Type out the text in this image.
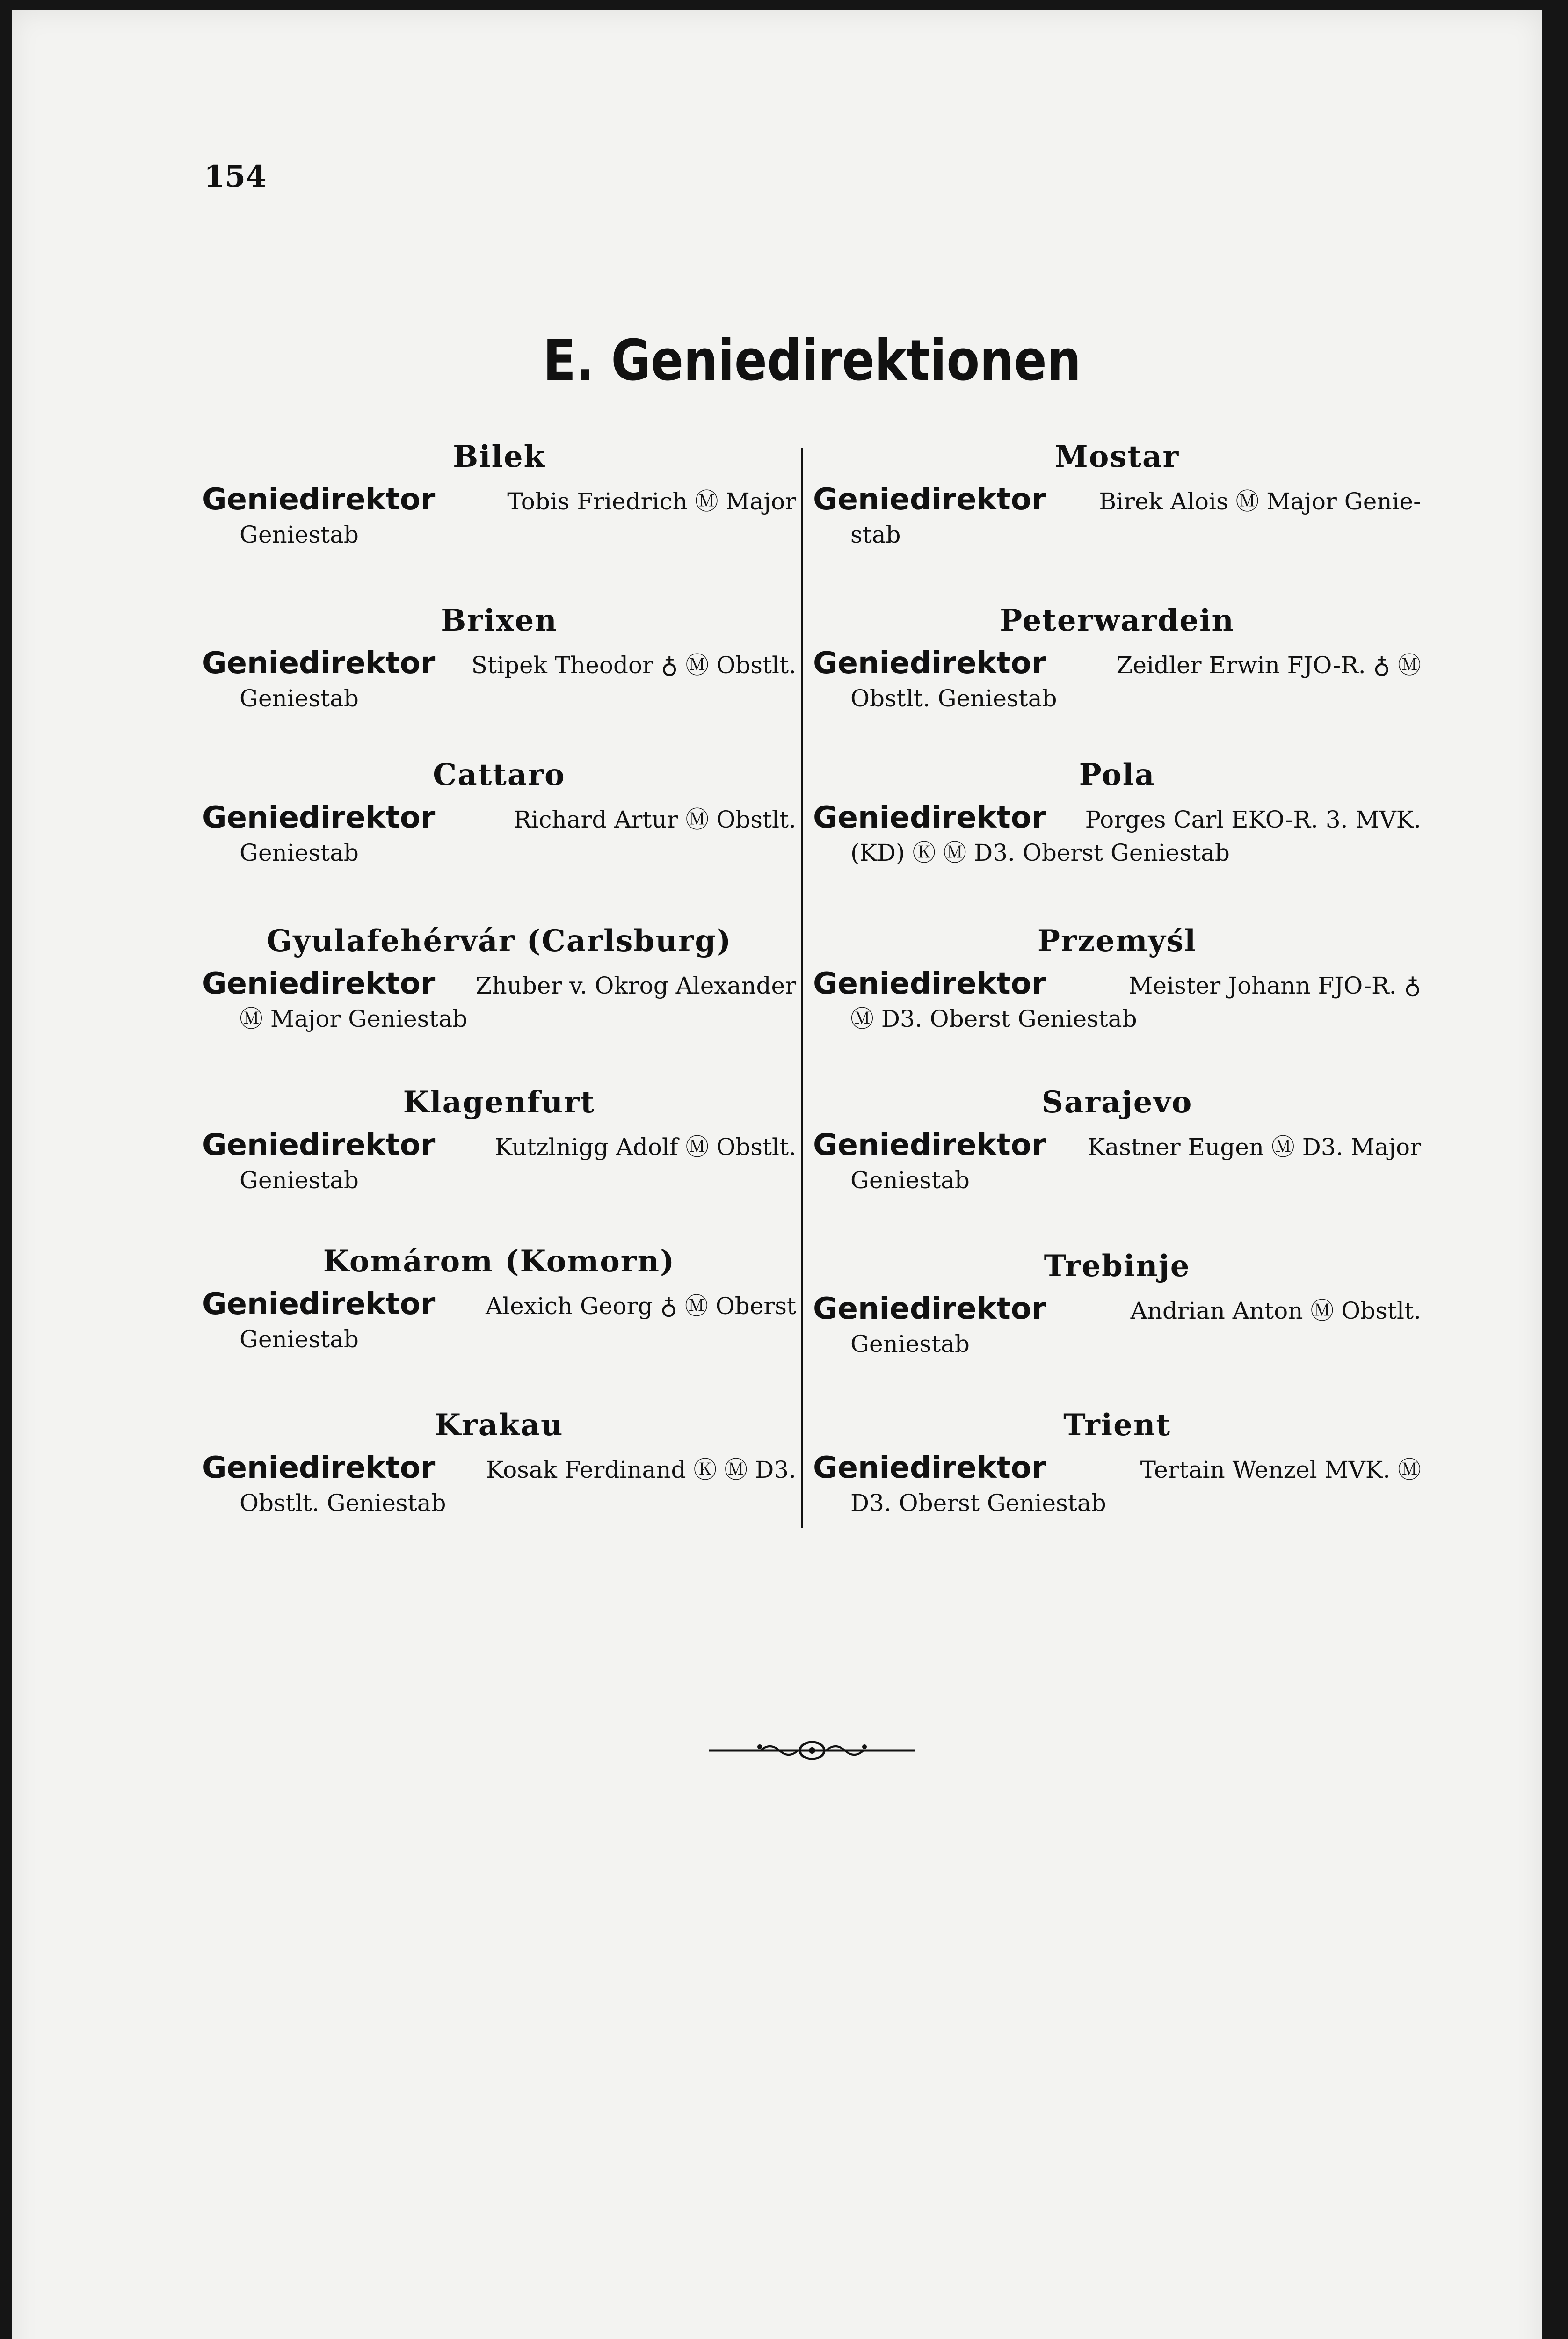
154
E. Geniedirektionen
Bilek
Geniedirektor	Tobis Friedrich Ⓜ Major
Geniestab
Brixen
Geniedirektor Stipek Theodor ♁ Ⓜ Obstlt.
Geniestab
Cattaro
Geniedirektor	Richard Artur Ⓜ Obstlt.
Geniestab
Gyulafehérvár (Carlsburg)
Geniedirektor Zhuber v. Okrog Alexander
Ⓜ Major Geniestab
Klagenfurt
Geniedirektor	Kutzlnigg Adolf Ⓜ Obstlt.
Geniestab
Komárom (Komorn)
Geniedirektor Alexich Georg ♁ Ⓜ Oberst
Geniestab
Krakau
Geniedirektor Kosak Ferdinand Ⓚ Ⓜ D3.
Obstlt. Geniestab
Mostar
Geniedirektor Birek Alois Ⓜ Major Genie-
stab
Peterwardein
Geniedirektor	Zeidler Erwin FJO-R. ♁ Ⓜ
Obstlt. Geniestab
Pola
Geniedirektor Porges Carl EKO-R. 3. MVK.
(KD) Ⓚ Ⓜ D3. Oberst Geniestab
Przemyśl
Geniedirektor	Meister Johann FJO-R. ♁
Ⓜ D3. Oberst Geniestab
Sarajevo
Geniedirektor Kastner Eugen Ⓜ D3. Major
Geniestab
Trebinje
Geniedirektor	Andrian Anton Ⓜ Obstlt.
Geniestab
Trient
Geniedirektor	Tertain Wenzel MVK. Ⓜ
D3. Oberst Geniestab
